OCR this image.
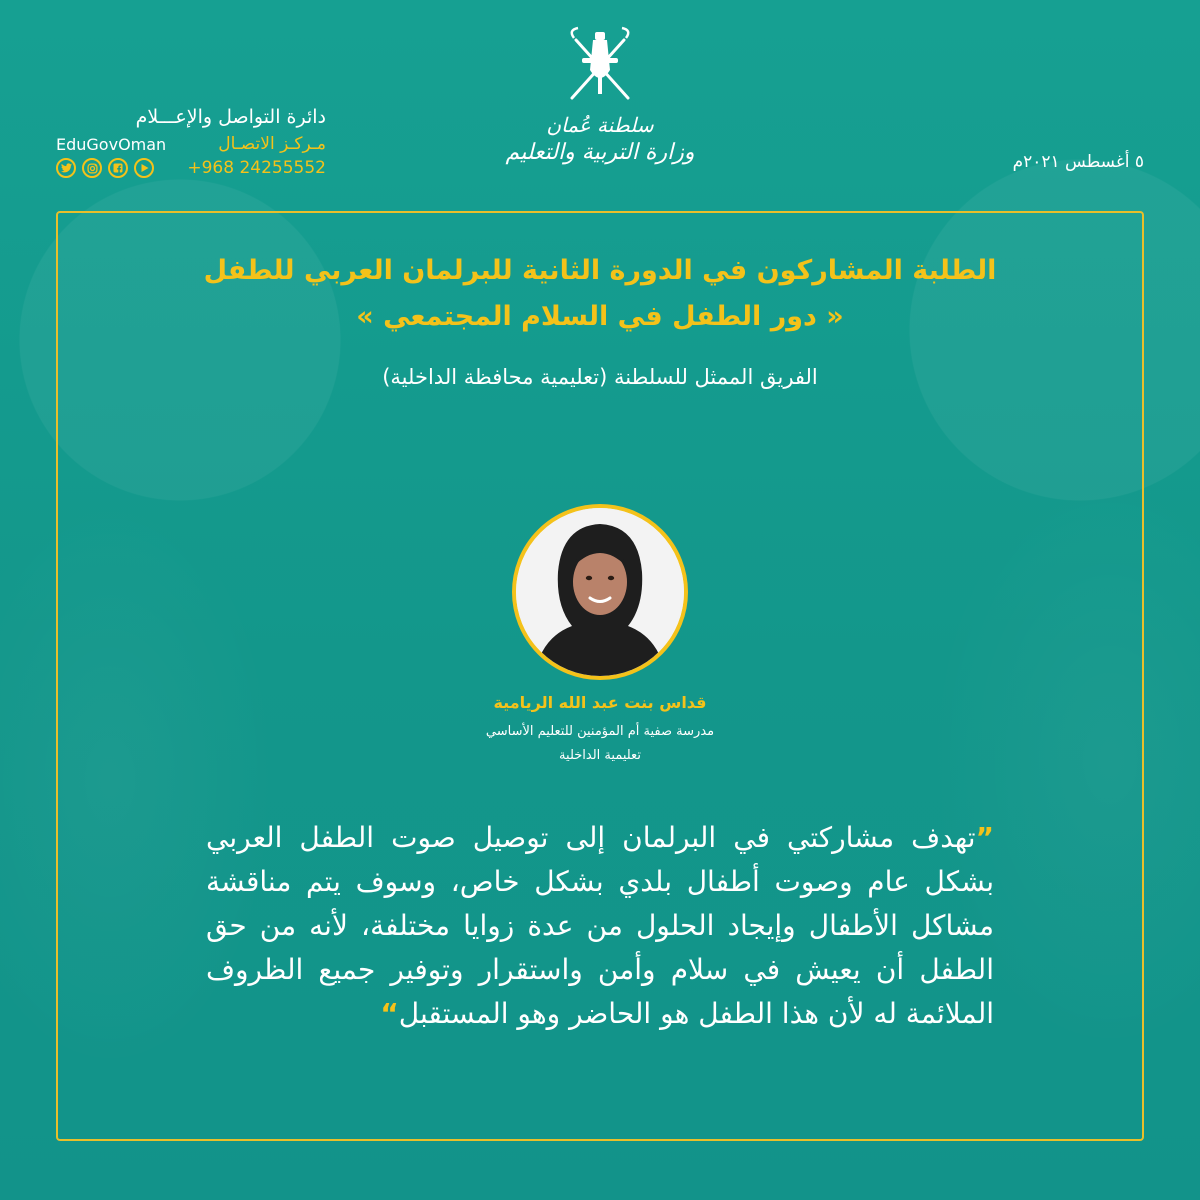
دائرة التواصل والإعـــلام
مـركـز الاتصـال
EduGovOman
+968 24255552
سلطنة عُمان
وزارة التربية والتعليم	٥ أغسطس ٢٠٢١م
الطلبة المشاركون في الدورة الثانية للبرلمان العربي للطفل
« دور الطفل في السلام المجتمعي »
الفريق الممثل للسلطنة (تعليمية محافظة الداخلية)
قداس بنت عبد الله الريامية
مدرسة صفية أم المؤمنين للتعليم الأساسي
تعليمية الداخلية
”تهدف مشاركتي في البرلمان إلى توصيل صوت الطفل العربي بشكل عام وصوت أطفال بلدي بشكل خاص، وسوف يتم مناقشة مشاكل الأطفال وإيجاد الحلول من عدة زوايا مختلفة، لأنه من حق الطفل أن يعيش في سلام وأمن واستقرار وتوفير جميع الظروف الملائمة له لأن هذا الطفل هو الحاضر وهو المستقبل“
